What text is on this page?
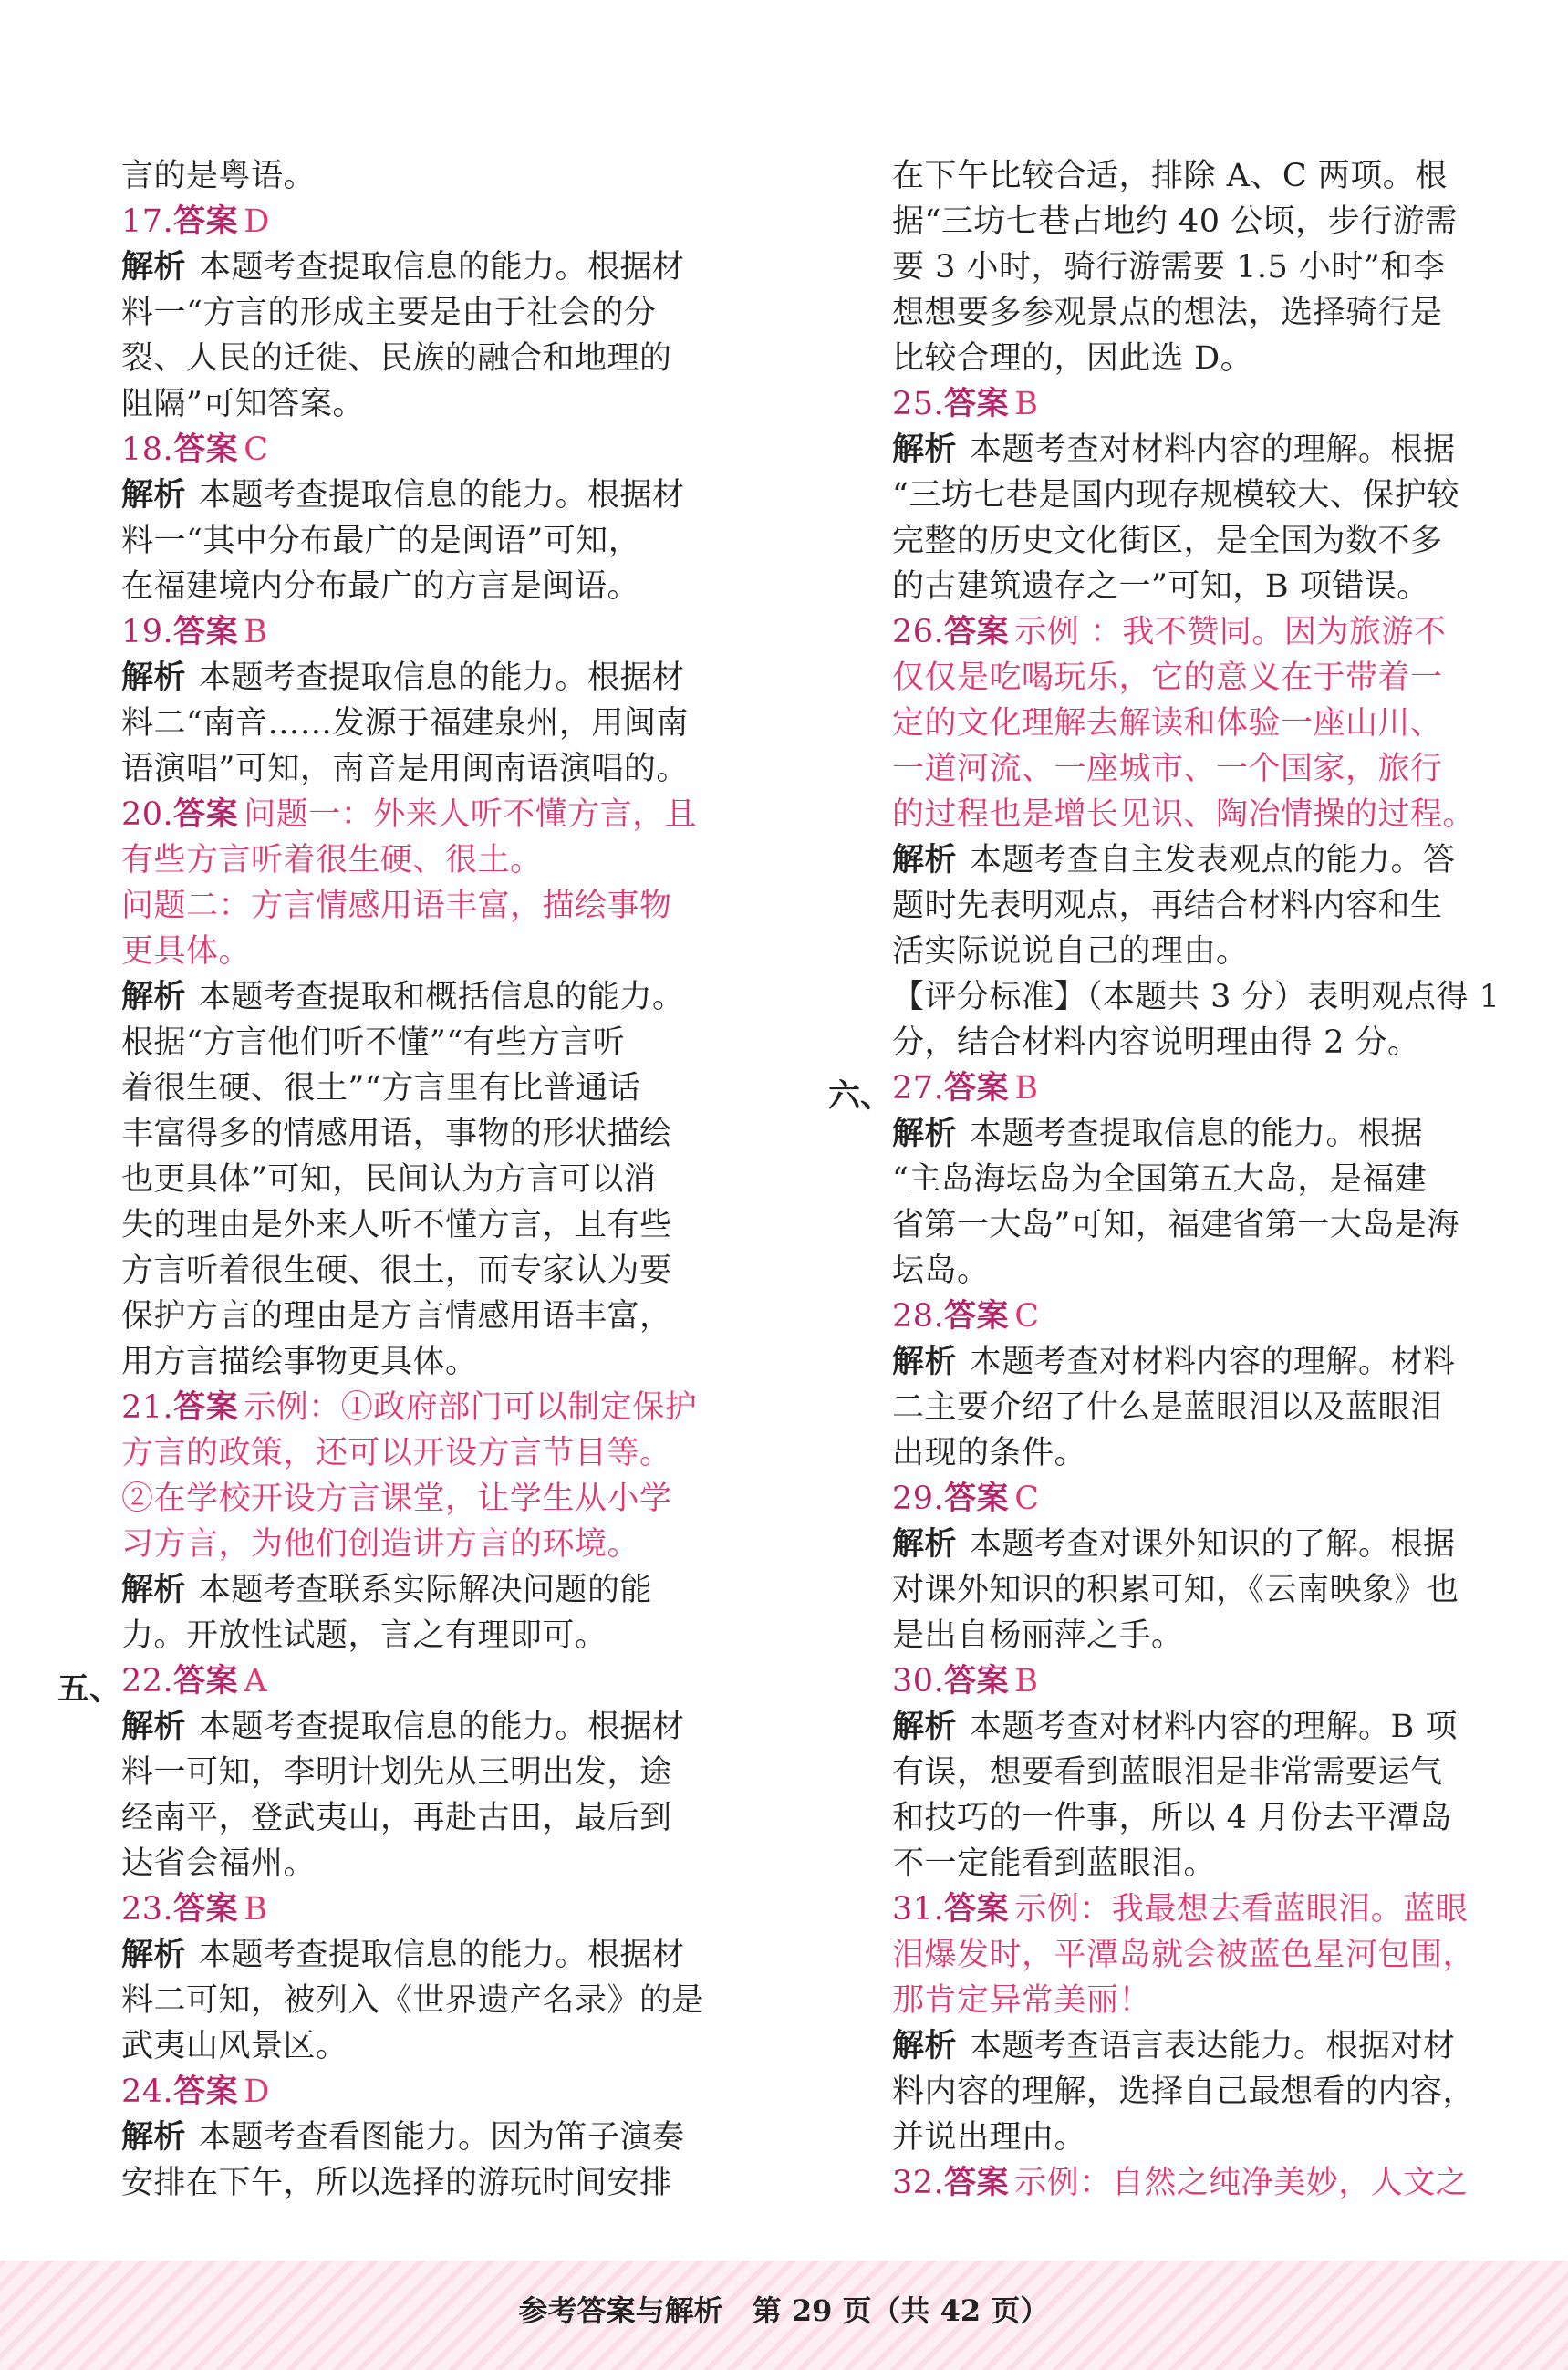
言的是粤语。
17.答案 D
解析 本题考查提取信息的能力。根据材
料一“方言的形成主要是由于社会的分
裂、人民的迁徙、民族的融合和地理的
阻隔”可知答案。
18.答案 C
解析 本题考查提取信息的能力。根据材
料一“其中分布最广的是闽语”可知，
在福建境内分布最广的方言是闽语。
19.答案 B
解析 本题考查提取信息的能力。根据材
料二“南音……发源于福建泉州，用闽南
语演唱”可知，南音是用闽南语演唱的。
20.答案 问题一：外来人听不懂方言，且
有些方言听着很生硬、很土。
问题二：方言情感用语丰富，描绘事物
更具体。
解析 本题考查提取和概括信息的能力。
根据“方言他们听不懂”“有些方言听
着很生硬、很土”“方言里有比普通话
丰富得多的情感用语，事物的形状描绘
也更具体”可知，民间认为方言可以消
失的理由是外来人听不懂方言，且有些
方言听着很生硬、很土，而专家认为要
保护方言的理由是方言情感用语丰富，
用方言描绘事物更具体。
21.答案 示例：①政府部门可以制定保护
方言的政策，还可以开设方言节目等。
②在学校开设方言课堂，让学生从小学
习方言，为他们创造讲方言的环境。
解析 本题考查联系实际解决问题的能
力。开放性试题，言之有理即可。
五、 22.答案 A
解析 本题考查提取信息的能力。根据材
料一可知，李明计划先从三明出发，途
经南平，登武夷山，再赴古田，最后到
达省会福州。
23.答案 B
解析 本题考查提取信息的能力。根据材
料二可知，被列入《世界遗产名录》的是
武夷山风景区。
24.答案 D
解析 本题考查看图能力。因为笛子演奏
安排在下午，所以选择的游玩时间安排
在下午比较合适，排除 A、C 两项。根
据“三坊七巷占地约 40 公顷，步行游需
要 3 小时，骑行游需要 1.5 小时”和李
想想要多参观景点的想法，选择骑行是
比较合理的，因此选 D。
25.答案 B
解析 本题考查对材料内容的理解。根据
“三坊七巷是国内现存规模较大、保护较
完整的历史文化街区，是全国为数不多
的古建筑遗存之一”可知，B 项错误。
26.答案 示例 ：我不赞同。因为旅游不
仅仅是吃喝玩乐，它的意义在于带着一
定的文化理解去解读和体验一座山川、
一道河流、一座城市、一个国家，旅行
的过程也是增长见识、陶冶情操的过程。
解析 本题考查自主发表观点的能力。答
题时先表明观点，再结合材料内容和生
活实际说说自己的理由。
【评分标准】（本题共 3 分）表明观点得 1
分，结合材料内容说明理由得 2 分。
六、 27.答案 B
解析 本题考查提取信息的能力。根据
“主岛海坛岛为全国第五大岛，是福建
省第一大岛”可知，福建省第一大岛是海
坛岛。
28.答案 C
解析 本题考查对材料内容的理解。材料
二主要介绍了什么是蓝眼泪以及蓝眼泪
出现的条件。
29.答案 C
解析 本题考查对课外知识的了解。根据
对课外知识的积累可知，《云南映象》也
是出自杨丽萍之手。
30.答案 B
解析 本题考查对材料内容的理解。B 项
有误，想要看到蓝眼泪是非常需要运气
和技巧的一件事，所以 4 月份去平潭岛
不一定能看到蓝眼泪。
31.答案 示例：我最想去看蓝眼泪。蓝眼
泪爆发时，平潭岛就会被蓝色星河包围，
那肯定异常美丽！
解析 本题考查语言表达能力。根据对材
料内容的理解，选择自己最想看的内容，
并说出理由。
32.答案 示例：自然之纯净美妙，人文之
参考答案与解析　第 29 页（共 42 页）
